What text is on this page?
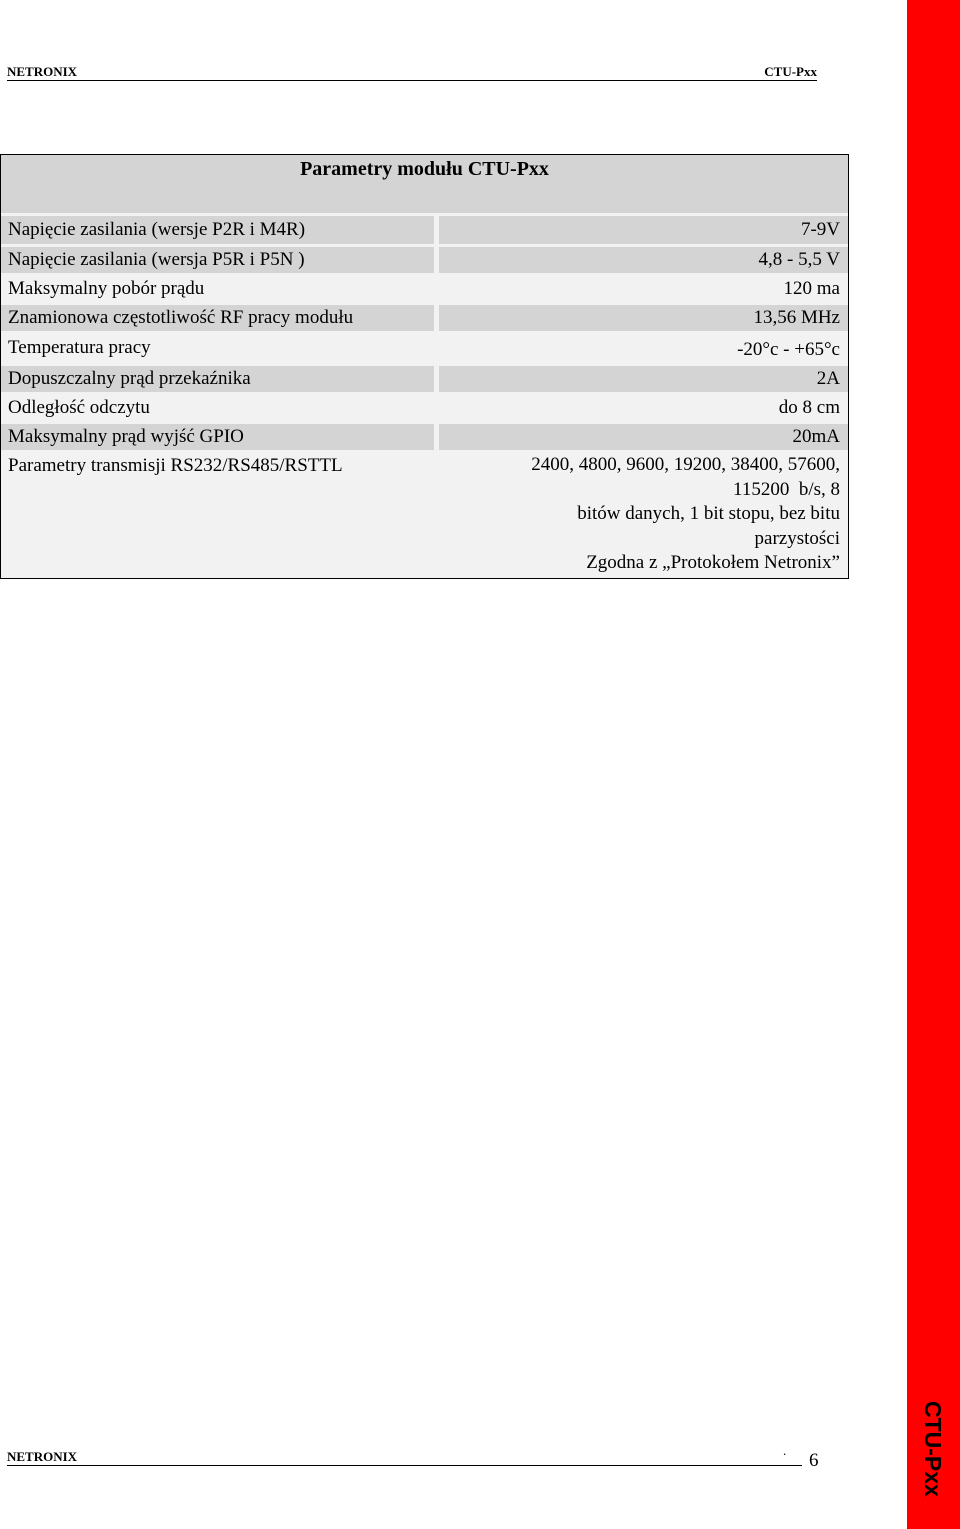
NETRONIX	CTU-Pxx
CTU-Pxx
Parametry modułu CTU-Pxx
Napięcie zasilania (wersje P2R i M4R)	7-9V
Napięcie zasilania (wersja P5R i P5N )	4,8 - 5,5 V
Maksymalny pobór prądu	120 ma
Znamionowa częstotliwość RF pracy modułu	13,56 MHz
Temperatura pracy	-20°c - +65°c
Dopuszczalny prąd przekaźnika	2A
Odległość odczytu	do 8 cm
Maksymalny prąd wyjść GPIO	20mA
Parametry transmisji RS232/RS485/RSTTL	2400, 4800, 9600, 19200, 38400, 57600,
115200  b/s, 8
bitów danych, 1 bit stopu, bez bitu
parzystości
Zgodna z „Protokołem Netronix”
NETRONIX	. 6
